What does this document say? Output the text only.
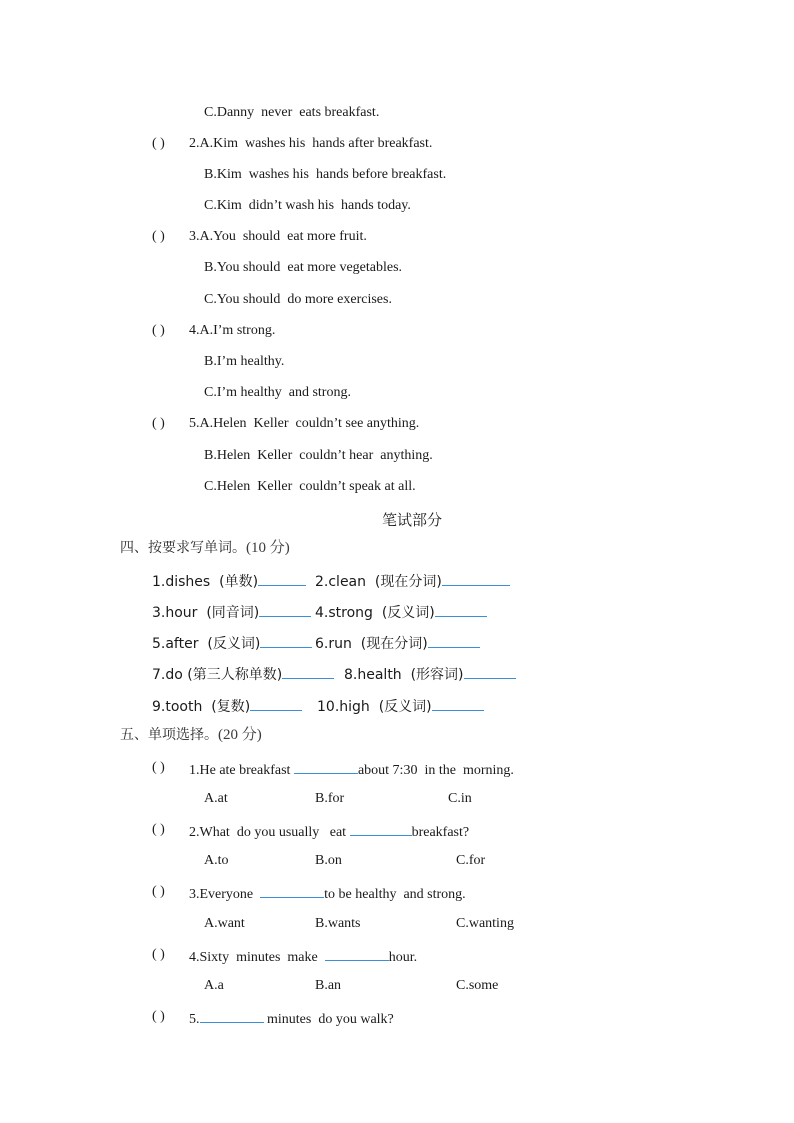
C.Danny  never  eats breakfast.
( ) 2.A.Kim  washes his  hands after breakfast.
B.Kim  washes his  hands before breakfast.
C.Kim  didn’t wash his  hands today.
( ) 3.A.You  should  eat more fruit.
B.You should  eat more vegetables.
C.You should  do more exercises.
( ) 4.A.I’m strong.
B.I’m healthy.
C.I’m healthy  and strong.
( ) 5.A.Helen  Keller  couldn’t see anything.
B.Helen  Keller  couldn’t hear  anything.
C.Helen  Keller  couldn’t speak at all.
笔试部分
四、按要求写单词。(10 分)
1.dishes  (单数)	2.clean  (现在分词)
3.hour  (同音词)	4.strong  (反义词)
5.after  (反义词)	6.run  (现在分词)
7.do (第三人称单数)	8.health  (形容词)
9.tooth  (复数)	10.high  (反义词)
五、单项选择。(20 分)
( ) 1.He ate breakfast	about 7:30  in the  morning.
A.at	B.for	C.in
( ) 2.What  do you usually   eat	breakfast?
A.to	B.on	C.for
( ) 3.Everyone	to be healthy  and strong.
A.want	B.wants	C.wanting
( ) 4.Sixty  minutes  make	hour.
A.a	B.an	C.some
( ) 5.	minutes  do you walk?
